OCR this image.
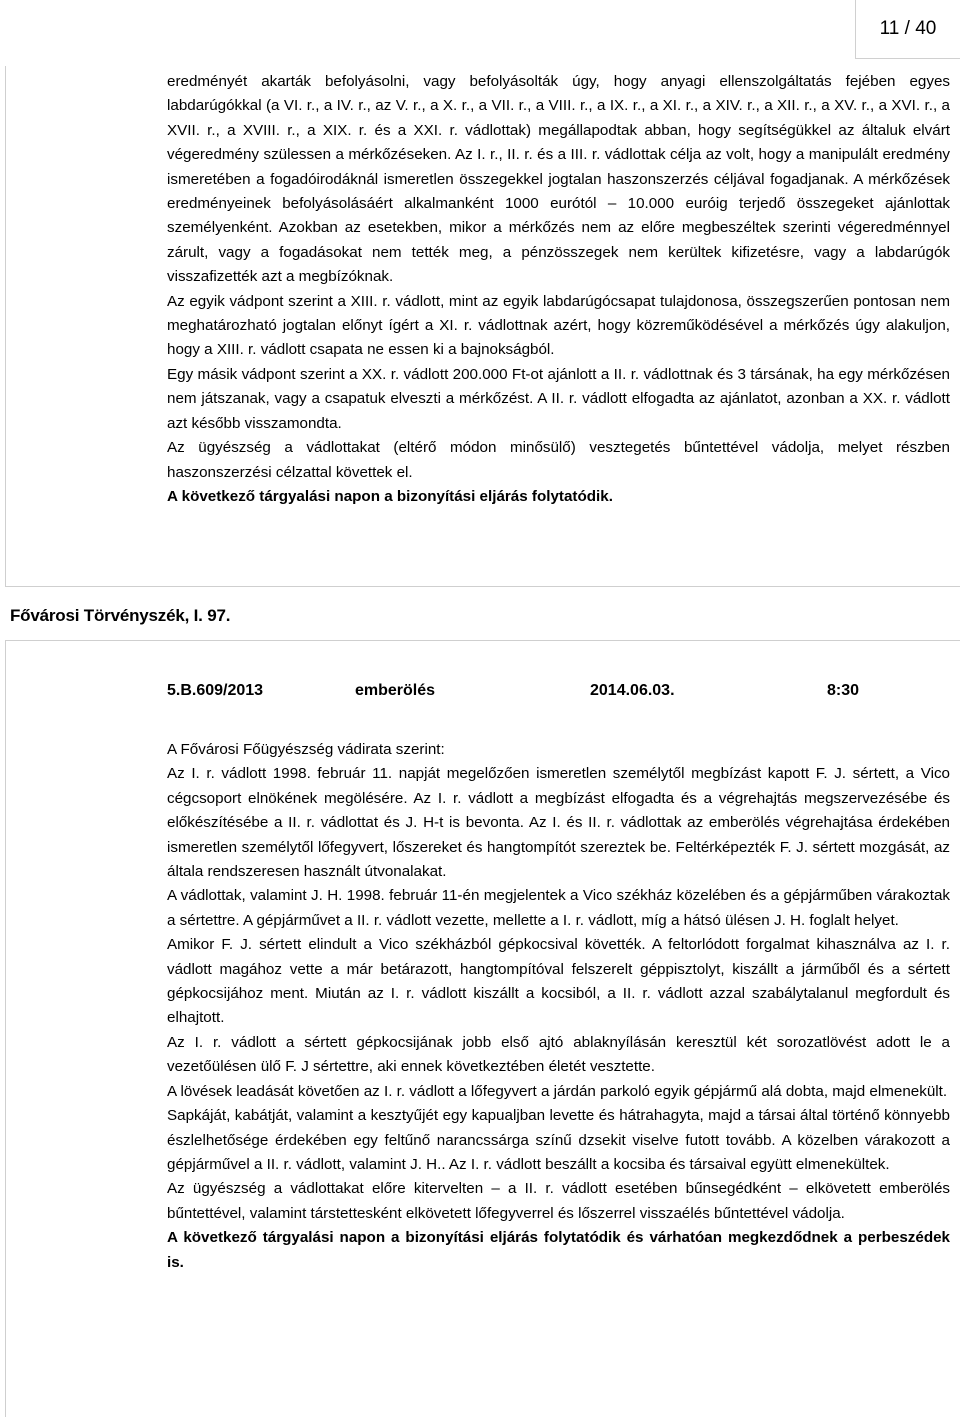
11 / 40

eredményét akarták befolyásolni, vagy befolyásolták úgy, hogy anyagi ellenszolgáltatás fejében egyes labdarúgókkal (a VI. r., a IV. r., az V. r., a X. r., a VII. r., a VIII. r., a IX. r., a XI. r., a XIV. r., a XII. r., a XV. r., a XVI. r., a XVII. r., a XVIII. r., a XIX. r. és a XXI. r. vádlottak) megállapodtak abban, hogy segítségükkel az általuk elvárt végeredmény szülessen a mérkőzéseken. Az I. r., II. r. és a III. r. vádlottak célja az volt, hogy a manipulált eredmény ismeretében a fogadóirodáknál ismeretlen összegekkel jogtalan haszonszerzés céljával fogadjanak. A mérkőzések eredményeinek befolyásolásáért alkalmanként 1000 eurótól – 10.000 euróig terjedő összegeket ajánlottak személyenként. Azokban az esetekben, mikor a mérkőzés nem az előre megbeszéltek szerinti végeredménnyel zárult, vagy a fogadásokat nem tették meg, a pénzösszegek nem kerültek kifizetésre, vagy a labdarúgók visszafizették azt a megbízóknak.

Az egyik vádpont szerint a XIII. r. vádlott, mint az egyik labdarúgócsapat tulajdonosa, összegszerűen pontosan nem meghatározható jogtalan előnyt ígért a XI. r. vádlottnak azért, hogy közreműködésével a mérkőzés úgy alakuljon, hogy a XIII. r. vádlott csapata ne essen ki a bajnokságból.

Egy másik vádpont szerint a XX. r. vádlott 200.000 Ft-ot ajánlott a II. r. vádlottnak és 3 társának, ha egy mérkőzésen nem játszanak, vagy a csapatuk elveszti a mérkőzést. A II. r. vádlott elfogadta az ajánlatot, azonban a XX. r. vádlott azt később visszamondta.

Az ügyészség a vádlottakat (eltérő módon minősülő) vesztegetés bűntettével vádolja, melyet részben haszonszerzési célzattal követtek el.

A következő tárgyalási napon a bizonyítási eljárás folytatódik.

Fővárosi Törvényszék, I. 97.
5.B.609/2013	emberölés	2014.06.03.	8:30

A Fővárosi Főügyészség vádirata szerint:

Az I. r. vádlott 1998. február 11. napját megelőzően ismeretlen személytől megbízást kapott F. J. sértett, a Vico cégcsoport elnökének megölésére. Az I. r. vádlott a megbízást elfogadta és a végrehajtás megszervezésébe és előkészítésébe a II. r. vádlottat és J. H-t is bevonta. Az I. és II. r. vádlottak az emberölés végrehajtása érdekében ismeretlen személytől lőfegyvert, lőszereket és hangtompítót szereztek be. Feltérképezték F. J. sértett mozgását, az általa rendszeresen használt útvonalakat.

A vádlottak, valamint J. H. 1998. február 11-én megjelentek a Vico székház közelében és a gépjárműben várakoztak a sértettre. A gépjárművet a II. r. vádlott vezette, mellette a I. r. vádlott, míg a hátsó ülésen J. H. foglalt helyet.

Amikor F. J. sértett elindult a Vico székházból gépkocsival követték. A feltorlódott forgalmat kihasználva az I. r. vádlott magához vette a már betárazott, hangtompítóval felszerelt géppisztolyt, kiszállt a járműből és a sértett gépkocsijához ment. Miután az I. r. vádlott kiszállt a kocsiból, a II. r. vádlott azzal szabálytalanul megfordult és elhajtott.

Az I. r. vádlott a sértett gépkocsijának jobb első ajtó ablaknyílásán keresztül két sorozatlövést adott le a vezetőülésen ülő F. J sértettre, aki ennek következtében életét vesztette.

A lövések leadását követően az I. r. vádlott a lőfegyvert a járdán parkoló egyik gépjármű alá dobta, majd elmenekült.

Sapkáját, kabátját, valamint a kesztyűjét egy kapualjban levette és hátrahagyta, majd a társai által történő könnyebb észlelhetősége érdekében egy feltűnő narancssárga színű dzsekit viselve futott tovább. A közelben várakozott a gépjárművel a II. r. vádlott, valamint J. H.. Az I. r. vádlott beszállt a kocsiba és társaival együtt elmenekültek.

Az ügyészség a vádlottakat előre kitervelten – a II. r. vádlott esetében bűnsegédként – elkövetett emberölés bűntettével, valamint társtettesként elkövetett lőfegyverrel és lőszerrel visszaélés bűntettével vádolja.

A következő tárgyalási napon a bizonyítási eljárás folytatódik és várhatóan megkezdődnek a perbeszédek is.
